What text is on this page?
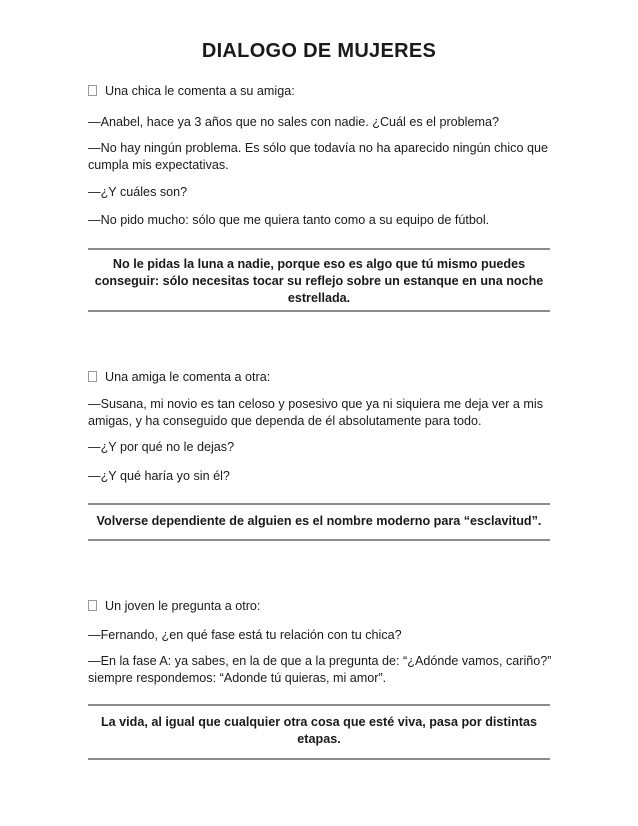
DIALOGO DE MUJERES
Una chica le comenta a su amiga:
—Anabel, hace ya 3 años que no sales con nadie. ¿Cuál es el problema?
—No hay ningún problema. Es sólo que todavía no ha aparecido ningún chico que cumpla mis expectativas.
—¿Y cuáles son?
—No pido mucho: sólo que me quiera tanto como a su equipo de fútbol.
No le pidas la luna a nadie, porque eso es algo que tú mismo puedes conseguir: sólo necesitas tocar su reflejo sobre un estanque en una noche estrellada.
Una amiga le comenta a otra:
—Susana, mi novio es tan celoso y posesivo que ya ni siquiera me deja ver a mis amigas, y ha conseguido que dependa de él absolutamente para todo.
—¿Y por qué no le dejas?
—¿Y qué haría yo sin él?
Volverse dependiente de alguien es el nombre moderno para “esclavitud”.
Un joven le pregunta a otro:
—Fernando, ¿en qué fase está tu relación con tu chica?
—En la fase A: ya sabes, en la de que a la pregunta de: “¿Adónde vamos, cariño?” siempre respondemos: “Adonde tú quieras, mi amor”.
La vida, al igual que cualquier otra cosa que esté viva, pasa por distintas etapas.
